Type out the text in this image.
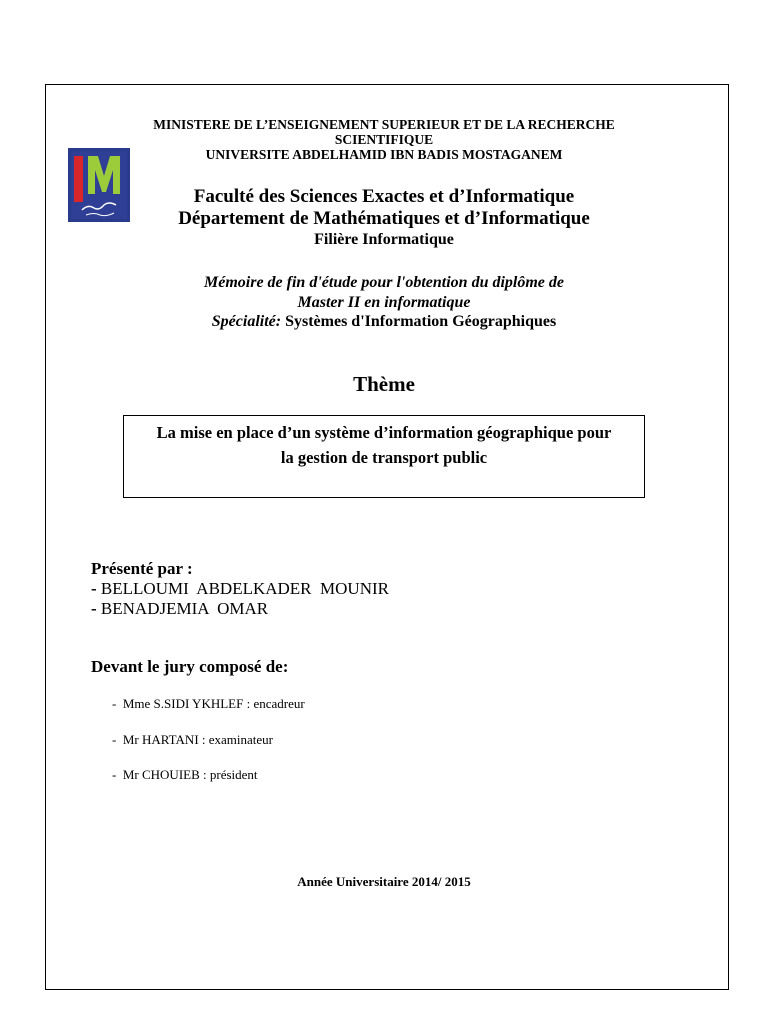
MINISTERE DE L’ENSEIGNEMENT SUPERIEUR ET DE LA RECHERCHE
SCIENTIFIQUE
UNIVERSITE ABDELHAMID IBN BADIS MOSTAGANEM
Faculté des Sciences Exactes et d’Informatique
Département de Mathématiques et d’Informatique
Filière Informatique
Mémoire de fin d'étude pour l'obtention du diplôme de
Master II en informatique
Spécialité: Systèmes d'Information Géographiques
Thème
La mise en place d’un système d’information géographique pour
la gestion de transport public
Présenté par :
- BELLOUMI  ABDELKADER  MOUNIR
- BENADJEMIA  OMAR
Devant le jury composé de:
-  Mme S.SIDI YKHLEF : encadreur
-  Mr HARTANI : examinateur
-  Mr CHOUIEB : président
Année Universitaire 2014/ 2015
